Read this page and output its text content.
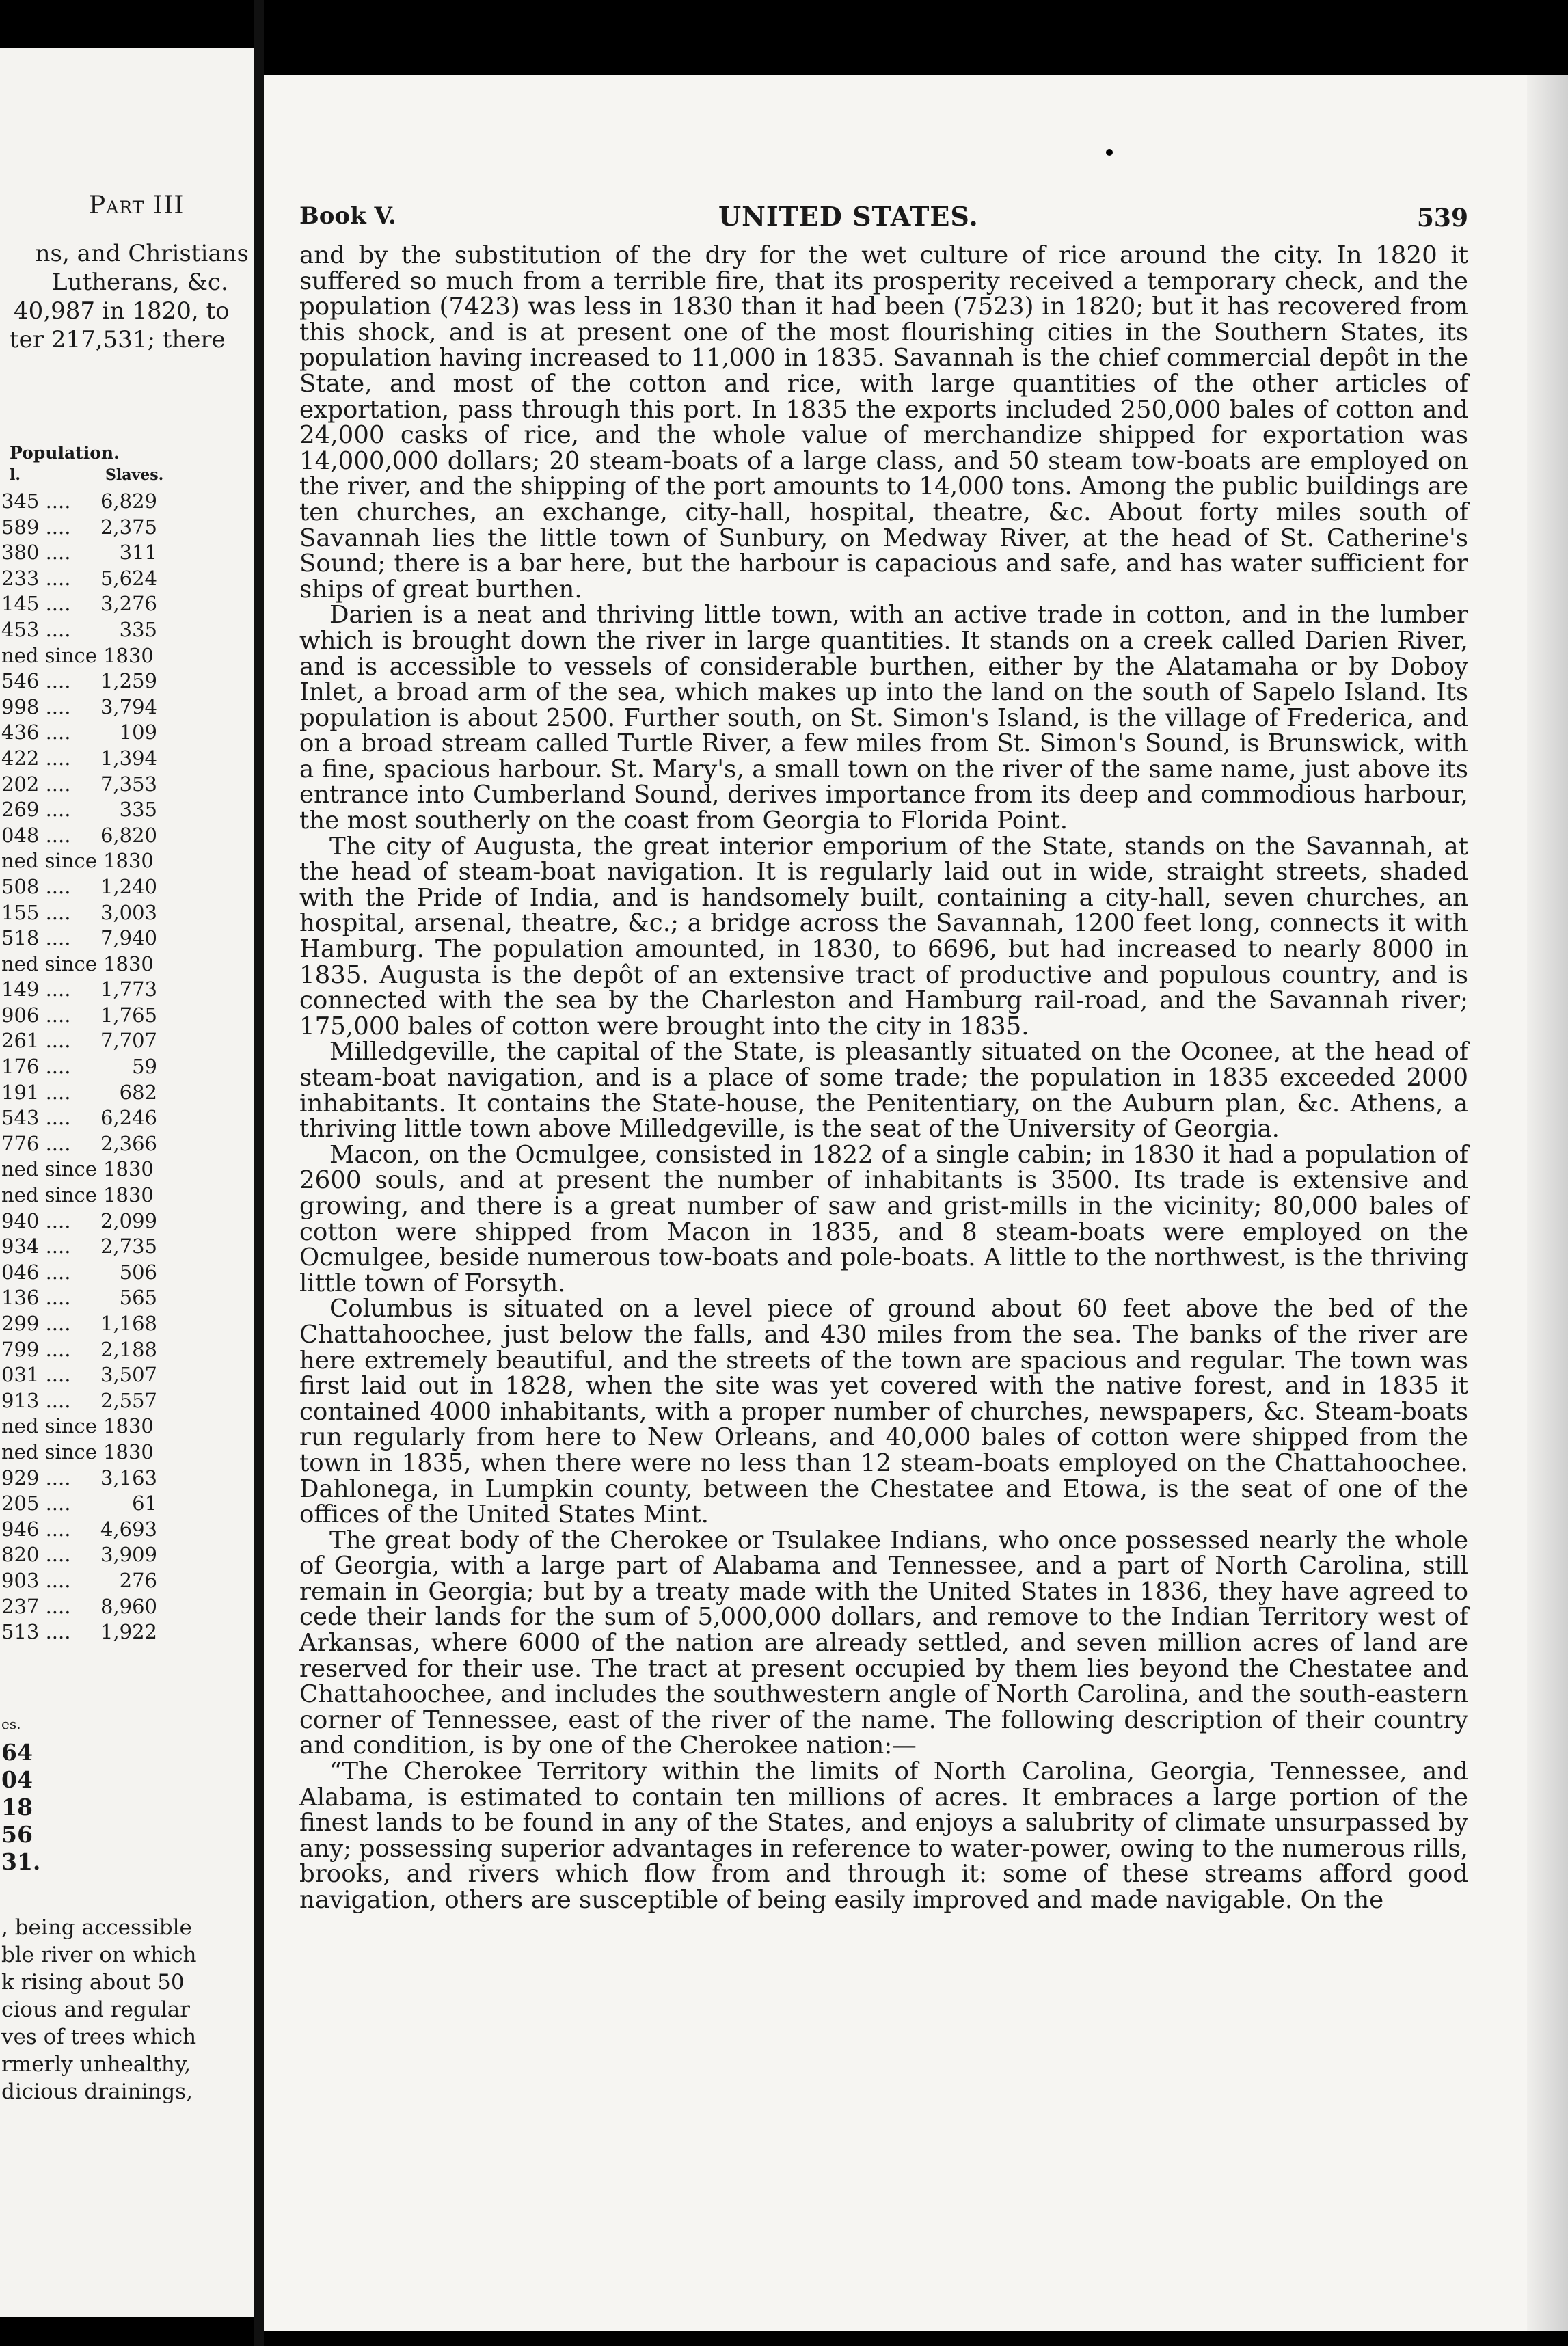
Part III
ns, and Christians
Lutherans, &c.
40,987 in 1820, to
ter 217,531; there
Population.
l.	Slaves.
345 .... 6,829
589 .... 2,375
380 .... 311
233 .... 5,624
145 .... 3,276
453 .... 335
ned since 1830
546 .... 1,259
998 .... 3,794
436 .... 109
422 .... 1,394
202 .... 7,353
269 .... 335
048 .... 6,820
ned since 1830
508 .... 1,240
155 .... 3,003
518 .... 7,940
ned since 1830
149 .... 1,773
906 .... 1,765
261 .... 7,707
176 ....	59
191 .... 682
543 .... 6,246
776 .... 2,366
ned since 1830
ned since 1830
940 .... 2,099
934 .... 2,735
046 .... 506
136 .... 565
299 .... 1,168
799 .... 2,188
031 .... 3,507
913 .... 2,557
ned since 1830
ned since 1830
929 .... 3,163
205 ....	61
946 .... 4,693
820 .... 3,909
903 .... 276
237 .... 8,960
513 .... 1,922
es.
64
04
18
56
31.
, being accessible
ble river on which
k rising about 50
cious and regular
ves of trees which
rmerly unhealthy,
dicious drainings,
Book V.	UNITED STATES.	539

and by the substitution of the dry for the wet culture of rice around the city. In 1820 it suffered so much from a terrible fire, that its prosperity received a temporary check, and the population (7423) was less in 1830 than it had been (7523) in 1820; but it has recovered from this shock, and is at present one of the most flourishing cities in the Southern States, its population having increased to 11,000 in 1835. Savannah is the chief commercial depôt in the State, and most of the cotton and rice, with large quantities of the other articles of exportation, pass through this port. In 1835 the exports included 250,000 bales of cotton and 24,000 casks of rice, and the whole value of merchandize shipped for exportation was 14,000,000 dollars; 20 steam-boats of a large class, and 50 steam tow-boats are employed on the river, and the shipping of the port amounts to 14,000 tons. Among the public buildings are ten churches, an exchange, city-hall, hospital, theatre, &c. About forty miles south of Savannah lies the little town of Sunbury, on Medway River, at the head of St. Catherine's Sound; there is a bar here, but the harbour is capacious and safe, and has water sufficient for ships of great burthen.

Darien is a neat and thriving little town, with an active trade in cotton, and in the lumber which is brought down the river in large quantities. It stands on a creek called Darien River, and is accessible to vessels of considerable burthen, either by the Alatamaha or by Doboy Inlet, a broad arm of the sea, which makes up into the land on the south of Sapelo Island. Its population is about 2500. Further south, on St. Simon's Island, is the village of Frederica, and on a broad stream called Turtle River, a few miles from St. Simon's Sound, is Brunswick, with a fine, spacious harbour. St. Mary's, a small town on the river of the same name, just above its entrance into Cumberland Sound, derives importance from its deep and commodious harbour, the most southerly on the coast from Georgia to Florida Point.

The city of Augusta, the great interior emporium of the State, stands on the Savannah, at the head of steam-boat navigation. It is regularly laid out in wide, straight streets, shaded with the Pride of India, and is handsomely built, containing a city-hall, seven churches, an hospital, arsenal, theatre, &c.; a bridge across the Savannah, 1200 feet long, connects it with Hamburg. The population amounted, in 1830, to 6696, but had increased to nearly 8000 in 1835. Augusta is the depôt of an extensive tract of productive and populous country, and is connected with the sea by the Charleston and Hamburg rail-road, and the Savannah river; 175,000 bales of cotton were brought into the city in 1835.

Milledgeville, the capital of the State, is pleasantly situated on the Oconee, at the head of steam-boat navigation, and is a place of some trade; the population in 1835 exceeded 2000 inhabitants. It contains the State-house, the Penitentiary, on the Auburn plan, &c. Athens, a thriving little town above Milledgeville, is the seat of the University of Georgia.

Macon, on the Ocmulgee, consisted in 1822 of a single cabin; in 1830 it had a population of 2600 souls, and at present the number of inhabitants is 3500. Its trade is extensive and growing, and there is a great number of saw and grist-mills in the vicinity; 80,000 bales of cotton were shipped from Macon in 1835, and 8 steam-boats were employed on the Ocmulgee, beside numerous tow-boats and pole-boats. A little to the northwest, is the thriving little town of Forsyth.

Columbus is situated on a level piece of ground about 60 feet above the bed of the Chattahoochee, just below the falls, and 430 miles from the sea. The banks of the river are here extremely beautiful, and the streets of the town are spacious and regular. The town was first laid out in 1828, when the site was yet covered with the native forest, and in 1835 it contained 4000 inhabitants, with a proper number of churches, newspapers, &c. Steam-boats run regularly from here to New Orleans, and 40,000 bales of cotton were shipped from the town in 1835, when there were no less than 12 steam-boats employed on the Chattahoochee. Dahlonega, in Lumpkin county, between the Chestatee and Etowa, is the seat of one of the offices of the United States Mint.

The great body of the Cherokee or Tsulakee Indians, who once possessed nearly the whole of Georgia, with a large part of Alabama and Tennessee, and a part of North Carolina, still remain in Georgia; but by a treaty made with the United States in 1836, they have agreed to cede their lands for the sum of 5,000,000 dollars, and remove to the Indian Territory west of Arkansas, where 6000 of the nation are already settled, and seven million acres of land are reserved for their use. The tract at present occupied by them lies beyond the Chestatee and Chattahoochee, and includes the southwestern angle of North Carolina, and the south-eastern corner of Tennessee, east of the river of the name. The following description of their country and condition, is by one of the Cherokee nation:—

“The Cherokee Territory within the limits of North Carolina, Georgia, Tennessee, and Alabama, is estimated to contain ten millions of acres. It embraces a large portion of the finest lands to be found in any of the States, and enjoys a salubrity of climate unsurpassed by any; possessing superior advantages in reference to water-power, owing to the numerous rills, brooks, and rivers which flow from and through it: some of these streams afford good navigation, others are susceptible of being easily improved and made navigable. On the
